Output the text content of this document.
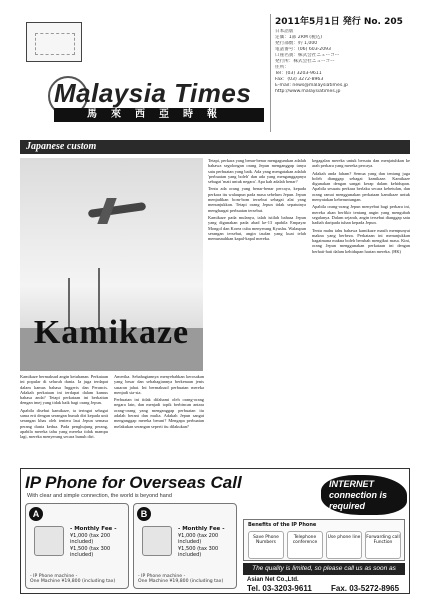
Malaysia Times
馬來西亞時報
2011年5月1日 発行 No. 205
日本語版
定価：1部 2RM (税込)
発行部数：約 1,000
電話番号：(06) 603-2093
口座名義：株式会社ニューコー
発行所：株式会社ニューコー
住所：
Tel：(03) 3203-9611
Fax：(03) 3272-8963
E-mail: news@malaysiatimes.jp
http://www.malaysiatimes.jp
Japanese custom
Kamikaze

Kamikaze bermaksud angin ketuhanan. Perkataan ini popular di seluruh dunia. Ia juga terdapat dalam kamus bahasa Inggeris dan Perancis. Adakah perkataan ini terdapat dalam kamus bahasa anda? Tetapi perkataan ini berkaitan dengan imej yang tidak baik bagi orang Jepun.

Apabila disebut kamikaze, ia teringat sebagai sama erti dengan serangan bunuh diri kepada unit serangan khas oleh tentera laut Jepun semasa perang dunia kedua. Pada penghujung perang, apabila mereka tahu yang mereka tidak mampu lagi, mereka menyerang secara bunuh diri.

Amerika. Sebahagiannya menyebabkan kerosakan yang besar dan sebahagiannya berkenaan jenis sasaran jahat. Ini bermaksud perbuatan mereka menjadi sia-sia.

Perbuatan ini tidak difahami oleh orang-orang negara lain, dan menjadi topik berbincan antara orang-orang yang menganggap perbuatan itu adalah berani dan mulia. Adakah Jepun sangat menganggap mereka berani? Mengapa perbuatan melakukan serangan seperti itu dilakukan?

Tetapi, perkara yang benar-benar mengagumkan adalah bahawa segolongan orang Jepun menganggap ianya satu perbuatan yang baik. Ada yang mengatakan adalah 'perbuatan yang boleh' dan ada yang menganggapnya sebagai 'mati untuk negara'. Apa kah adalah benar?

Tentu ada orang yang benar-benar percaya, kepada perkara itu walaupun pada masa sebelum Jepun. Jepun menjadikan bom-bom tersebut sebagai alat yang menunjukkan. Tetapi orang Jepun tidak sepatutnya menghargai perbuatan tersebut.

Kamikaze pada mulanya, ialah istilah bahasa Jepun yang digunakan pada abad ke-13 apabila Empayar Mongol dan Korea cuba menyerang Kyushu. Walaupun serangan tersebut, angin taufan yang kuat telah memusnahkan kapal-kapal mereka.

kegagalan mereka untuk bersatu dan menjatuhkan ke arah perkara yang mereka percaya.

Adakah anda faham? Semua yang dan tentang juga boleh dianggap sebagai kamikaze. Kamikaze digunakan dengan sangat kerap dalam kehidupan. Apabila sesuatu perkara berlaku secara kebetulan, dan orang ramai menggunakan perkataan kamikaze untuk menyatakan keberuntungan.

Apabila orang-orang Jepun menyebut bagi perkara ini, mereka akan berfikir tentang angin yang mengubah segalanya. Dalam sejarah, angin tersebut dianggap satu hadiah daripada tuhan kepada Jepun.

Tentu mahu tahu bahawa kamikaze masih mempunyai makna yang berbeza. Perkataan ini menunjukkan bagaimana makna boleh berubah mengikut masa. Kini, orang Jepun menggunakan perkataan ini dengan berhati-hati dalam kehidupan harian mereka. (HK)

IP Phone for Overseas Call
With clear and simple connection, the world is beyond hand
INTERNET connection is required
A
- Monthly Fee -
¥1,000 (tax 200 included)
¥1,500 (tax 300 included)
- IP Phone machine -
One Machine ¥19,800 (including tax)
B
- Monthly Fee -
¥1,000 (tax 200 included)
¥1,500 (tax 300 included)
- IP Phone machine -
One Machine ¥19,800 (including tax)
Benefits of the IP Phone
Save Phone Numbers
Telephone conference
Use phone line	Forwarding call Function
The quality is limited, so please call us as soon as possible!
Asian Net Co.,Ltd.
Tel. 03-3203-9611 Fax. 03-5272-8965
